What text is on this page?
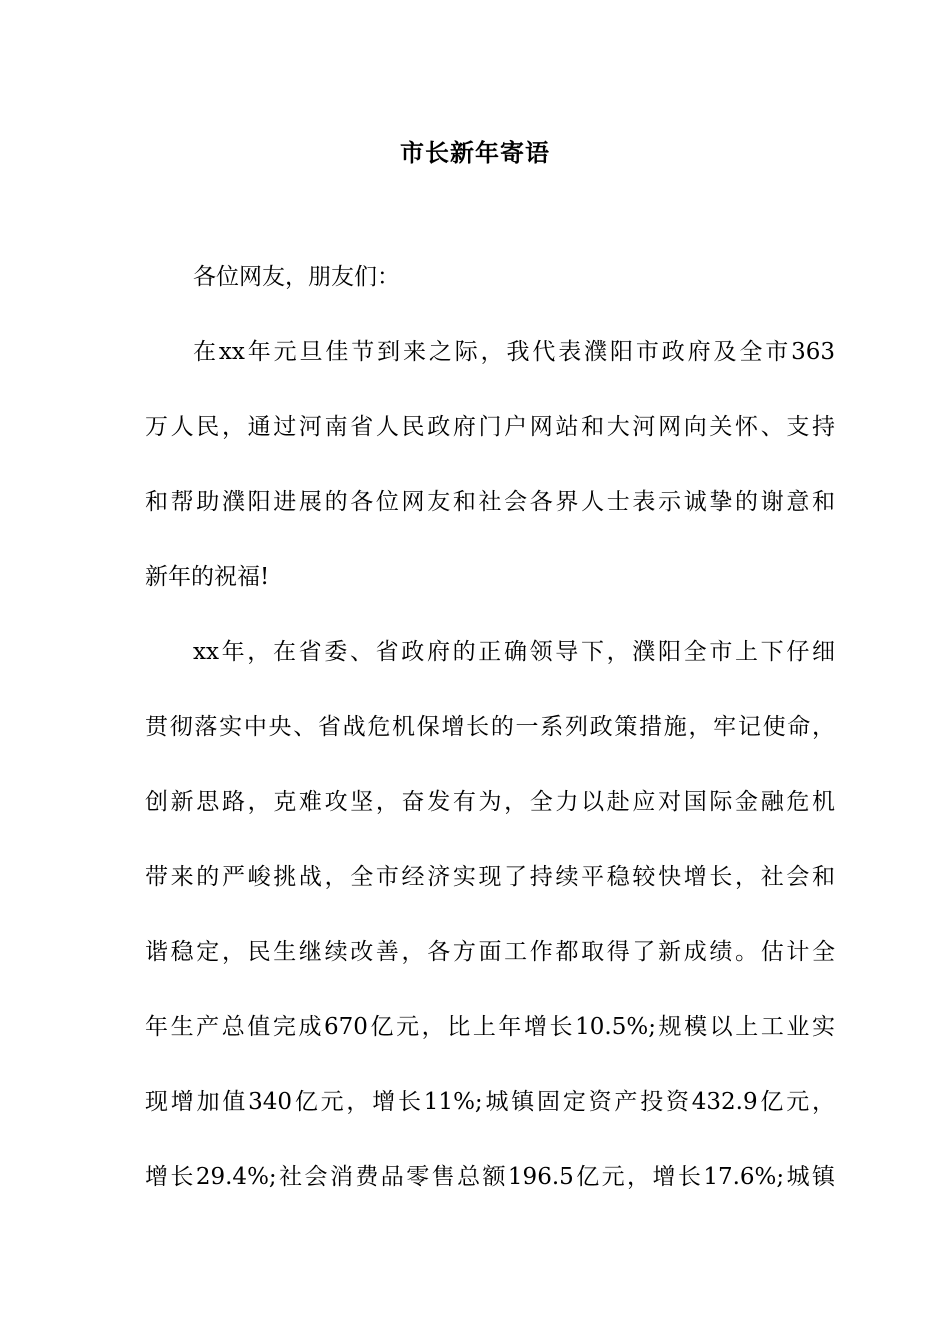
市长新年寄语
各位网友，朋友们：
在xx年元旦佳节到来之际，我代表濮阳市政府及全市363
万人民，通过河南省人民政府门户网站和大河网向关怀、支持
和帮助濮阳进展的各位网友和社会各界人士表示诚挚的谢意和
新年的祝福!
xx年，在省委、省政府的正确领导下，濮阳全市上下仔细
贯彻落实中央、省战危机保增长的一系列政策措施，牢记使命，
创新思路，克难攻坚，奋发有为，全力以赴应对国际金融危机
带来的严峻挑战，全市经济实现了持续平稳较快增长，社会和
谐稳定，民生继续改善，各方面工作都取得了新成绩。估计全
年生产总值完成670亿元，比上年增长10.5%;规模以上工业实
现增加值340亿元，增长11%;城镇固定资产投资432.9亿元，
增长29.4%;社会消费品零售总额196.5亿元，增长17.6%;城镇
